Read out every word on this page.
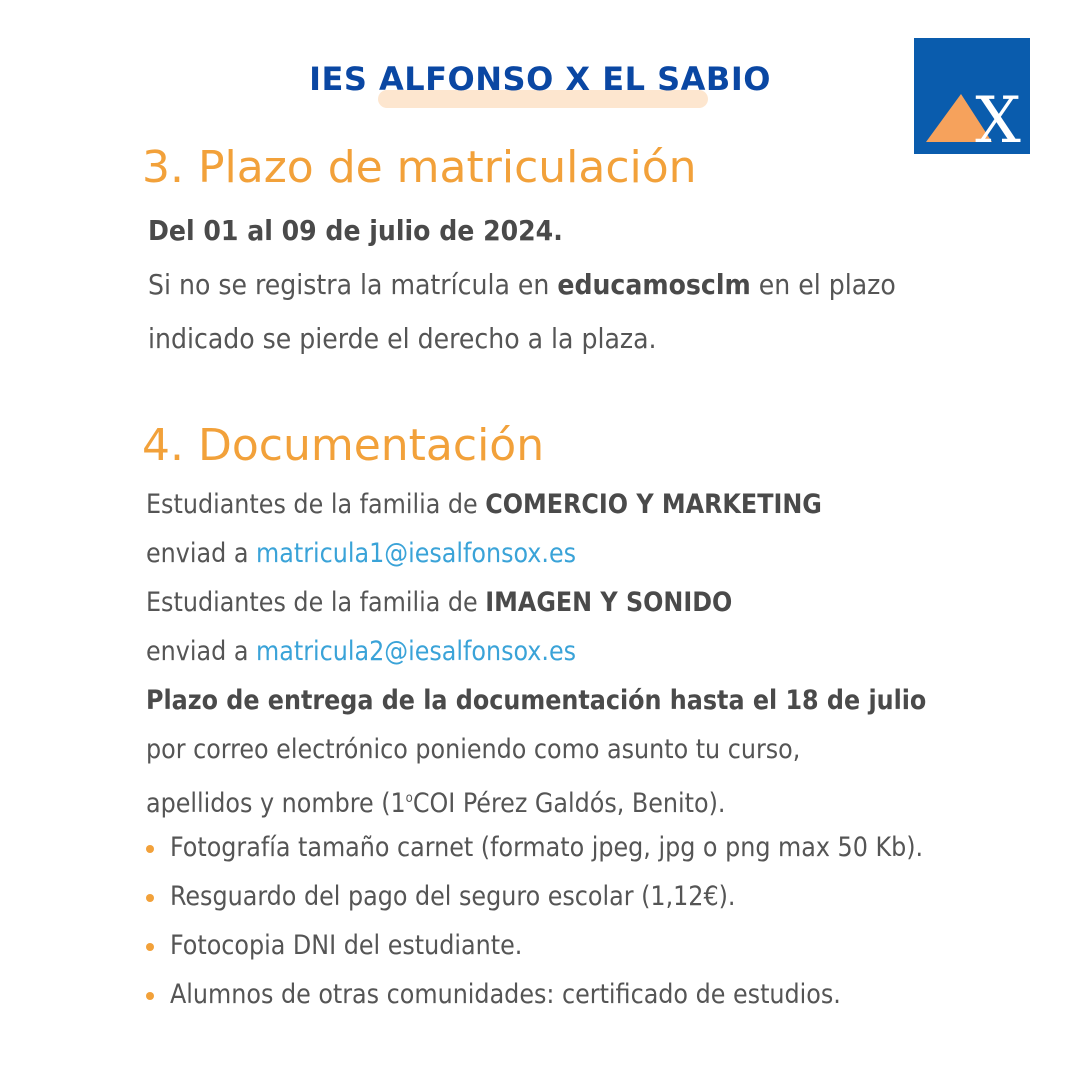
IES ALFONSO X EL SABIO
X
3. Plazo de matriculación
Del 01 al 09 de julio de 2024.
Si no se registra la matrícula en educamosclm en el plazo
indicado se pierde el derecho a la plaza.
4. Documentación
Estudiantes de la familia de COMERCIO Y MARKETING
enviad a matricula1@iesalfonsox.es
Estudiantes de la familia de IMAGEN Y SONIDO
enviad a matricula2@iesalfonsox.es
Plazo de entrega de la documentación hasta el 18 de julio
por correo electrónico poniendo como asunto tu curso,
apellidos y nombre (1$^o$COI Pérez Galdós, Benito).
Fotografía tamaño carnet (formato jpeg, jpg o png max 50 Kb).
Resguardo del pago del seguro escolar (1,12€).
Fotocopia DNI del estudiante.
Alumnos de otras comunidades: certificado de estudios.
